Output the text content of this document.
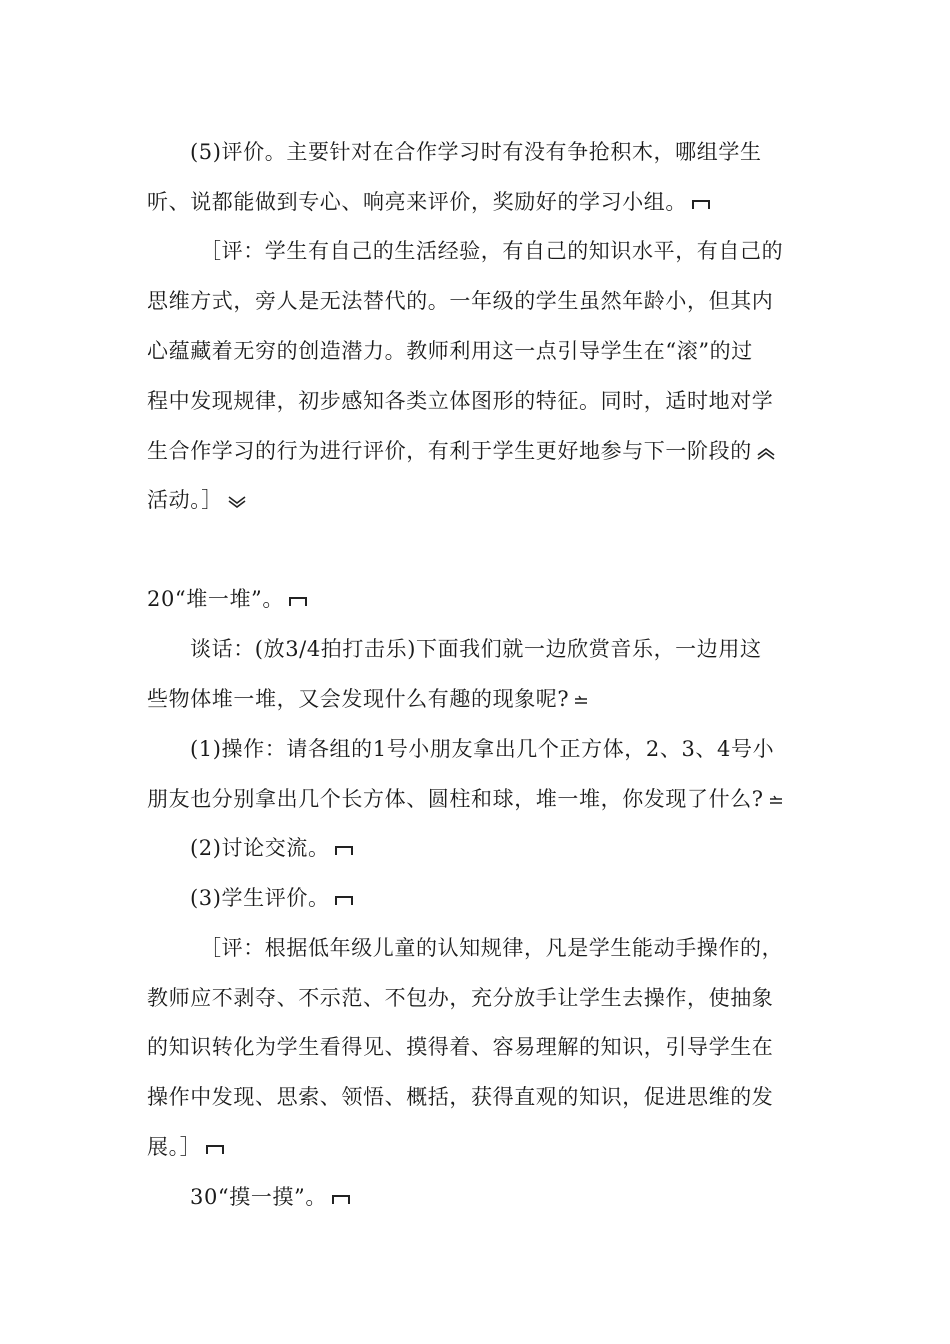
(5)评价。主要针对在合作学习时有没有争抢积木，哪组学生
听、说都能做到专心、响亮来评价，奖励好的学习小组。
［评：学生有自己的生活经验，有自己的知识水平，有自己的
思维方式，旁人是无法替代的。一年级的学生虽然年龄小，但其内
心蕴藏着无穷的创造潜力。教师利用这一点引导学生在“滚”的过
程中发现规律，初步感知各类立体图形的特征。同时，适时地对学
生合作学习的行为进行评价，有利于学生更好地参与下一阶段的
活动。］
20“堆一堆”。
谈话：(放3/4拍打击乐)下面我们就一边欣赏音乐，一边用这
些物体堆一堆，又会发现什么有趣的现象呢?
(1)操作：请各组的1号小朋友拿出几个正方体，2、3、4号小
朋友也分别拿出几个长方体、圆柱和球，堆一堆，你发现了什么?
(2)讨论交流。
(3)学生评价。
［评：根据低年级儿童的认知规律，凡是学生能动手操作的，
教师应不剥夺、不示范、不包办，充分放手让学生去操作，使抽象
的知识转化为学生看得见、摸得着、容易理解的知识，引导学生在
操作中发现、思索、领悟、概括，获得直观的知识，促进思维的发
展。］
30“摸一摸”。
